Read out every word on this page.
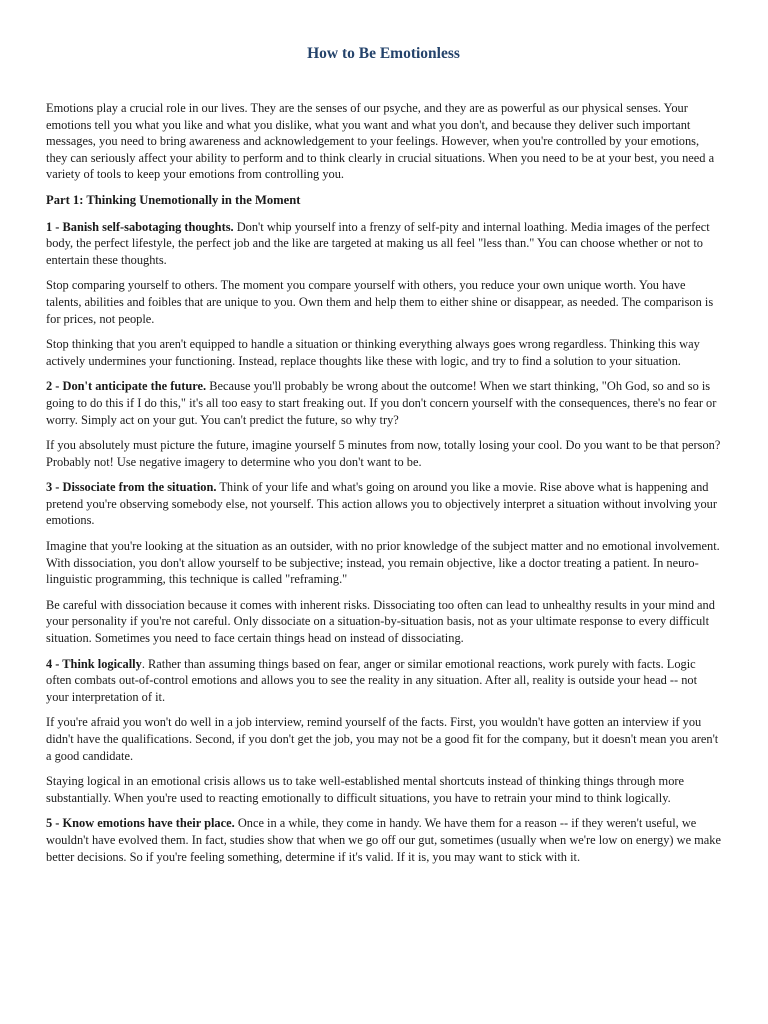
How to Be Emotionless

Emotions play a crucial role in our lives. They are the senses of our psyche, and they are as powerful as our physical senses. Your emotions tell you what you like and what you dislike, what you want and what you don't, and because they deliver such important messages, you need to bring awareness and acknowledgement to your feelings. However, when you're controlled by your emotions, they can seriously affect your ability to perform and to think clearly in crucial situations. When you need to be at your best, you need a variety of tools to keep your emotions from controlling you.

Part 1: Thinking Unemotionally in the Moment

1 - Banish self-sabotaging thoughts. Don't whip yourself into a frenzy of self-pity and internal loathing. Media images of the perfect body, the perfect lifestyle, the perfect job and the like are targeted at making us all feel "less than." You can choose whether or not to entertain these thoughts.

Stop comparing yourself to others. The moment you compare yourself with others, you reduce your own unique worth. You have talents, abilities and foibles that are unique to you. Own them and help them to either shine or disappear, as needed. The comparison is for prices, not people.

Stop thinking that you aren't equipped to handle a situation or thinking everything always goes wrong regardless. Thinking this way actively undermines your functioning. Instead, replace thoughts like these with logic, and try to find a solution to your situation.

2 - Don't anticipate the future. Because you'll probably be wrong about the outcome! When we start thinking, "Oh God, so and so is going to do this if I do this," it's all too easy to start freaking out. If you don't concern yourself with the consequences, there's no fear or worry. Simply act on your gut. You can't predict the future, so why try?

If you absolutely must picture the future, imagine yourself 5 minutes from now, totally losing your cool. Do you want to be that person? Probably not! Use negative imagery to determine who you don't want to be.

3 - Dissociate from the situation. Think of your life and what's going on around you like a movie. Rise above what is happening and pretend you're observing somebody else, not yourself. This action allows you to objectively interpret a situation without involving your emotions.

Imagine that you're looking at the situation as an outsider, with no prior knowledge of the subject matter and no emotional involvement. With dissociation, you don't allow yourself to be subjective; instead, you remain objective, like a doctor treating a patient. In neuro-linguistic programming, this technique is called "reframing."

Be careful with dissociation because it comes with inherent risks. Dissociating too often can lead to unhealthy results in your mind and your personality if you're not careful. Only dissociate on a situation-by-situation basis, not as your ultimate response to every difficult situation. Sometimes you need to face certain things head on instead of dissociating.

4 - Think logically. Rather than assuming things based on fear, anger or similar emotional reactions, work purely with facts. Logic often combats out-of-control emotions and allows you to see the reality in any situation. After all, reality is outside your head -- not your interpretation of it.

If you're afraid you won't do well in a job interview, remind yourself of the facts. First, you wouldn't have gotten an interview if you didn't have the qualifications. Second, if you don't get the job, you may not be a good fit for the company, but it doesn't mean you aren't a good candidate.

Staying logical in an emotional crisis allows us to take well-established mental shortcuts instead of thinking things through more substantially. When you're used to reacting emotionally to difficult situations, you have to retrain your mind to think logically.

5 - Know emotions have their place. Once in a while, they come in handy. We have them for a reason -- if they weren't useful, we wouldn't have evolved them. In fact, studies show that when we go off our gut, sometimes (usually when we're low on energy) we make better decisions. So if you're feeling something, determine if it's valid. If it is, you may want to stick with it.
